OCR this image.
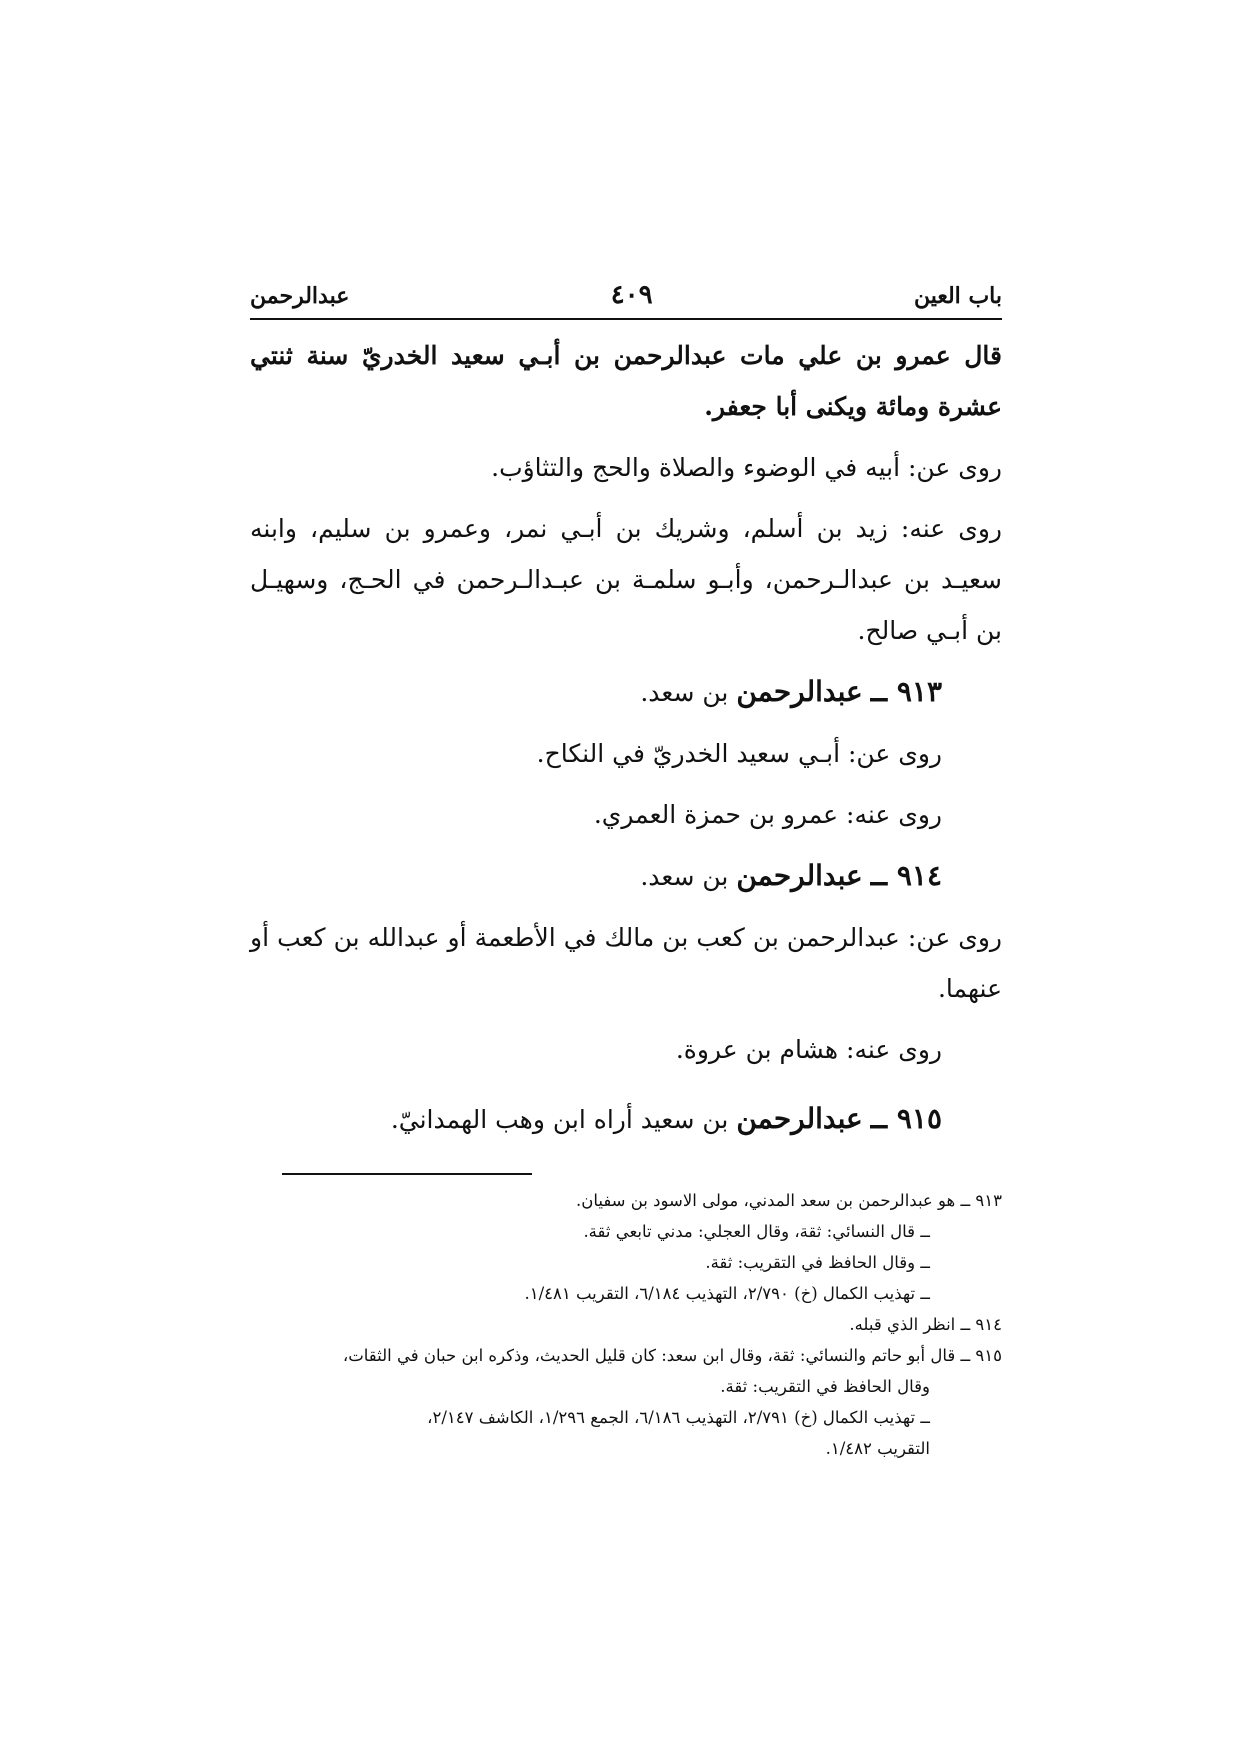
باب العين
٤٠٩
عبدالرحمن

قال عمرو بن علي مات عبدالرحمن بن أبـي سعيد الخدريّ سنة ثنتي عشرة ومائة ويكنى أبا جعفر.

روى عن: أبيه في الوضوء والصلاة والحج والتثاؤب.

روى عنه: زيد بن أسلم، وشريك بن أبـي نمر، وعمرو بن سليم، وابنه سعيـد بن عبدالـرحمن، وأبـو سلمـة بن عبـدالـرحمن في الحـج، وسهيـل بن أبـي صالح.

٩١٣ ــ عبدالرحمن بن سعد.

روى عن: أبـي سعيد الخدريّ في النكاح.

روى عنه: عمرو بن حمزة العمري.

٩١٤ ــ عبدالرحمن بن سعد.

روى عن: عبدالرحمن بن كعب بن مالك في الأطعمة أو عبدالله بن كعب أو عنهما.

روى عنه: هشام بن عروة.

٩١٥ ــ عبدالرحمن بن سعيد أراه ابن وهب الهمدانيّ.

٩١٣ ــ هو عبدالرحمن بن سعد المدني، مولى الاسود بن سفيان.

ــ قال النسائي: ثقة، وقال العجلي: مدني تابعي ثقة.

ــ وقال الحافظ في التقريب: ثقة.

ــ تهذيب الكمال (خ) ٢/٧٩٠، التهذيب ٦/١٨٤، التقريب ١/٤٨١.

٩١٤ ــ انظر الذي قبله.

٩١٥ ــ قال أبو حاتم والنسائي: ثقة، وقال ابن سعد: كان قليل الحديث، وذكره ابن حبان في الثقات،

وقال الحافظ في التقريب: ثقة.

ــ تهذيب الكمال (خ) ٢/٧٩١، التهذيب ٦/١٨٦، الجمع ١/٢٩٦، الكاشف ٢/١٤٧،

التقريب ١/٤٨٢.
